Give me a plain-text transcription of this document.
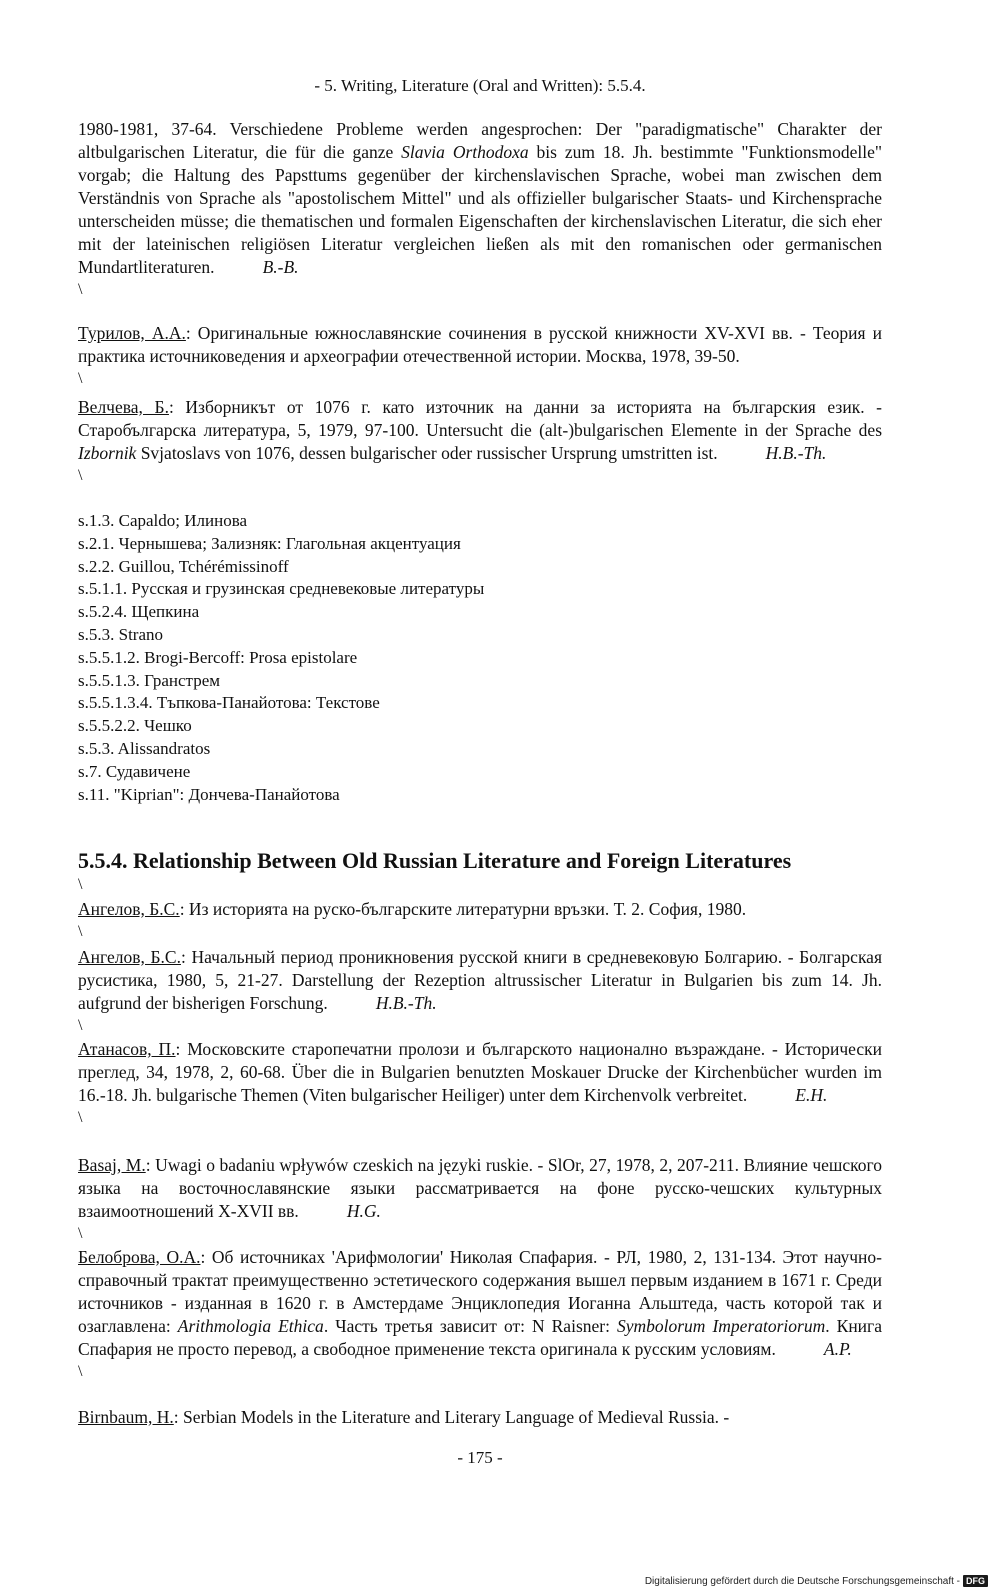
- 5. Writing, Literature (Oral and Written): 5.5.4.

1980-1981, 37-64. Verschiedene Probleme werden angesprochen: Der "paradigmatische" Charakter der altbulgarischen Literatur, die für die ganze Slavia Orthodoxa bis zum 18. Jh. bestimmte "Funktionsmodelle" vorgab; die Haltung des Papsttums gegenüber der kirchenslavischen Sprache, wobei man zwischen dem Verständnis von Sprache als "apostolischem Mittel" und als offizieller bulgarischer Staats- und Kirchensprache unterscheiden müsse; die thematischen und formalen Eigenschaften der kirchenslavischen Literatur, die sich eher mit der lateinischen religiösen Literatur vergleichen ließen als mit den romanischen oder germanischen Mundartliteraturen.	B.-B.

\

Турилов, А.А.: Оригинальные южнославянские сочинения в русской книжности XV-XVI вв. - Теория и практика источниковедения и археографии отечественной истории. Москва, 1978, 39-50.

\

Велчева, Б.: Изборникът от 1076 г. като източник на данни за историята на българския език. - Старобългарска литература, 5, 1979, 97-100. Untersucht die (alt-)bulgarischen Elemente in der Sprache des Izbornik Svjatoslavs von 1076, dessen bulgarischer oder russischer Ursprung umstritten ist.	H.B.-Th.

\

s.1.3. Capaldo; Илинова

s.2.1. Чернышева; Зализняк: Глагольная акцентуация

s.2.2. Guillou, Tchérémissinoff

s.5.1.1. Русская и грузинская средневековые литературы

s.5.2.4. Щепкина

s.5.3. Strano

s.5.5.1.2. Brogi-Bercoff: Prosa epistolare

s.5.5.1.3. Гранстрем

s.5.5.1.3.4. Тъпкова-Панайотова: Текстове

s.5.5.2.2. Чешко

s.5.3. Alissandratos

s.7. Судавичене

s.11. "Kiprian": Дончева-Панайотова

5.5.4. Relationship Between Old Russian Literature and Foreign Literatures
\

Ангелов, Б.С.: Из историята на руско-българските литературни връзки. Т. 2. София, 1980.

\

Ангелов, Б.С.: Начальный период проникновения русской книги в средневековую Болгарию. - Болгарская русистика, 1980, 5, 21-27. Darstellung der Rezeption altrussischer Literatur in Bulgarien bis zum 14. Jh. aufgrund der bisherigen Forschung.	H.B.-Th.

\

Атанасов, П.: Московските старопечатни пролози и българското национално възраждане. - Исторически преглед, 34, 1978, 2, 60-68. Über die in Bulgarien benutzten Moskauer Drucke der Kirchenbücher wurden im 16.-18. Jh. bulgarische Themen (Viten bulgarischer Heiliger) unter dem Kirchenvolk verbreitet.	E.H.

\

Basaj, M.: Uwagi o badaniu wpływów czeskich na języki ruskie. - SlOr, 27, 1978, 2, 207-211. Влияние чешского языка на восточнославянские языки рассматривается на фоне русско-чешских культурных взаимоотношений X-XVII вв.	H.G.

\

Белоброва, О.А.: Об источниках 'Арифмологии' Николая Спафария. - РЛ, 1980, 2, 131-134. Этот научно-справочный трактат преимущественно эстетического содержания вышел первым изданием в 1671 г. Среди источников - изданная в 1620 г. в Амстердаме Энциклопедия Иоганна Альштеда, часть которой так и озаглавлена: Arithmologia Ethica. Часть третья зависит от: N Raisner: Symbolorum Imperatoriorum. Книга Спафария не просто перевод, а свободное применение текста оригинала к русским условиям.	A.P.

\

Birnbaum, H.: Serbian Models in the Literature and Literary Language of Medieval Russia. -

- 175 -
Digitalisierung gefördert durch die Deutsche Forschungsgemeinschaft - DFG
